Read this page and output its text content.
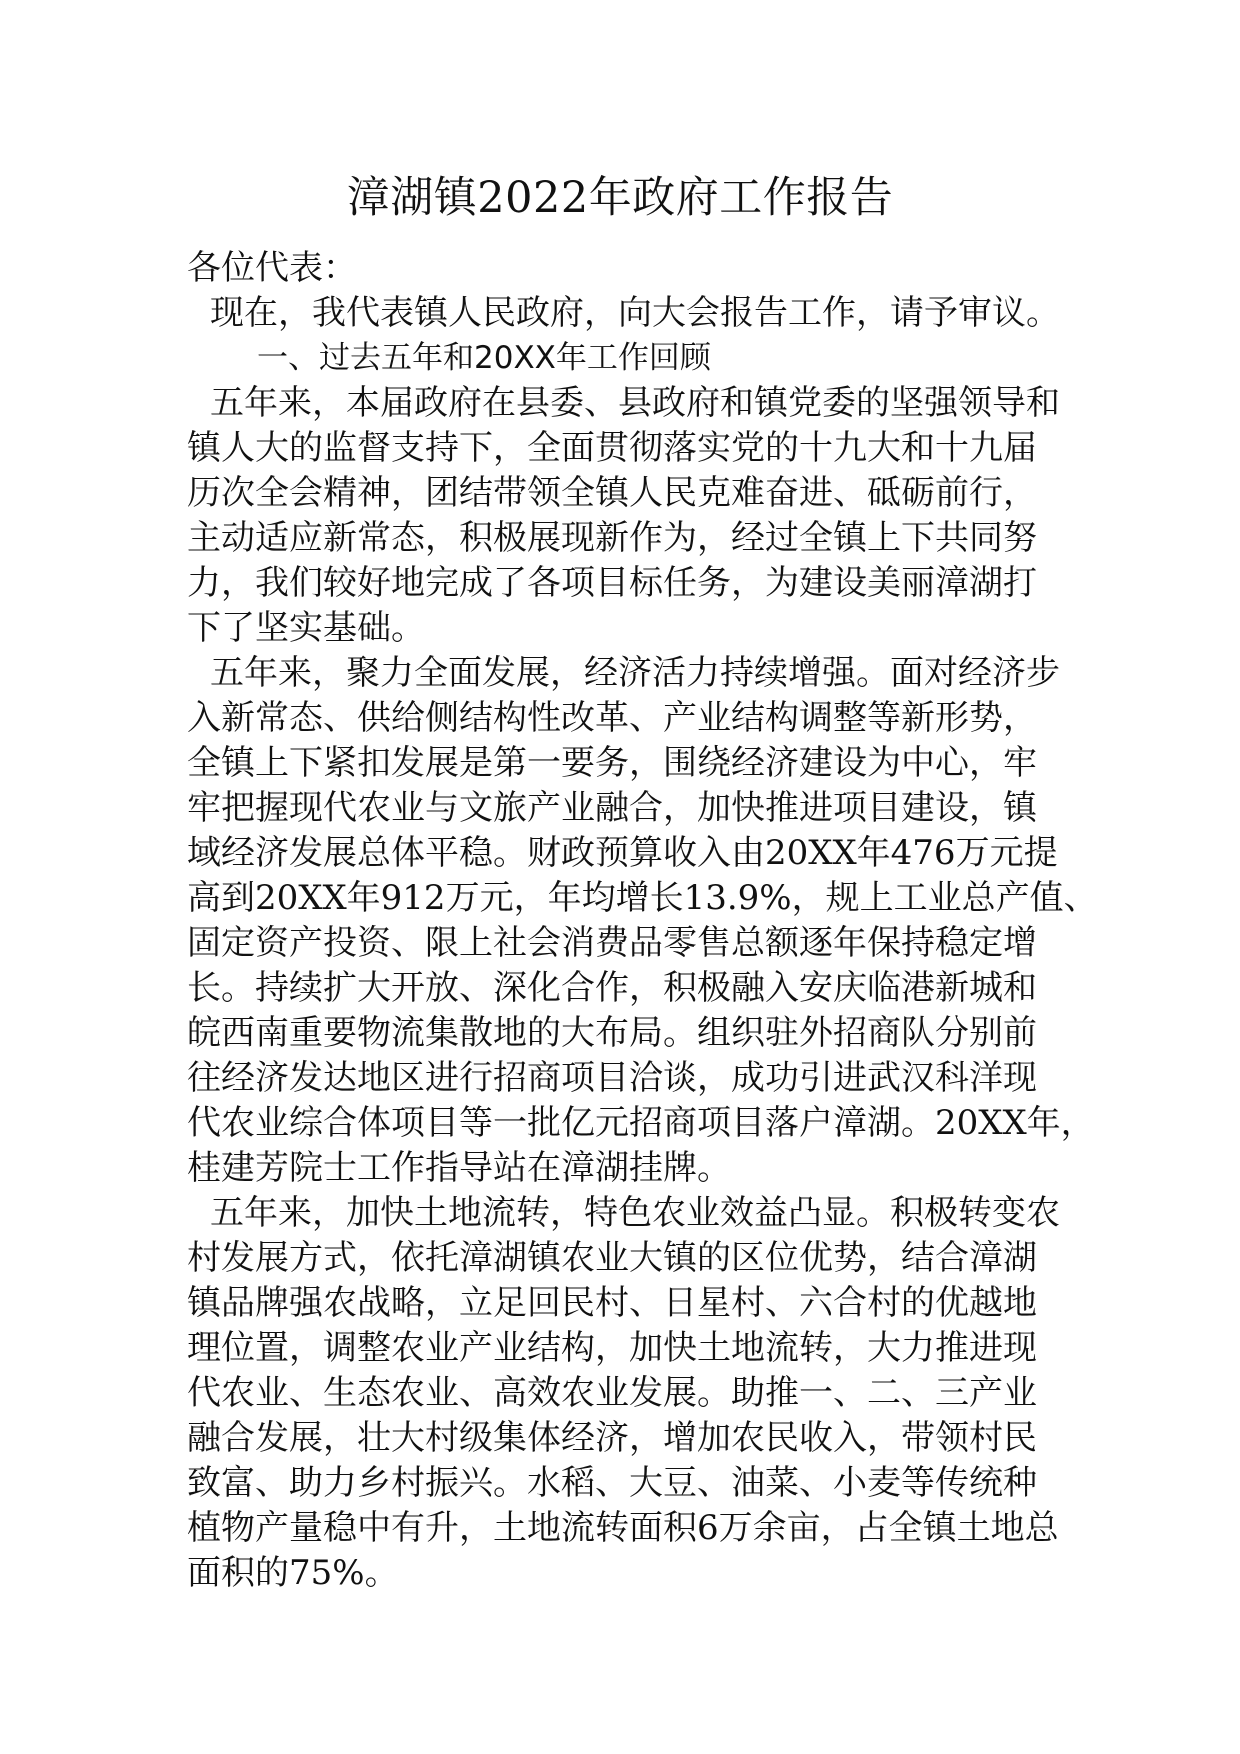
漳湖镇2022年政府工作报告
各位代表：
现在，我代表镇人民政府，向大会报告工作，请予审议。
一、过去五年和20XX年工作回顾
五年来，本届政府在县委、县政府和镇党委的坚强领导和
镇人大的监督支持下，全面贯彻落实党的十九大和十九届
历次全会精神，团结带领全镇人民克难奋进、砥砺前行，
主动适应新常态，积极展现新作为，经过全镇上下共同努
力，我们较好地完成了各项目标任务，为建设美丽漳湖打
下了坚实基础。
五年来，聚力全面发展，经济活力持续增强。面对经济步
入新常态、供给侧结构性改革、产业结构调整等新形势，
全镇上下紧扣发展是第一要务，围绕经济建设为中心，牢
牢把握现代农业与文旅产业融合，加快推进项目建设，镇
域经济发展总体平稳。财政预算收入由20XX年476万元提
高到20XX年912万元，年均增长13.9%，规上工业总产值、
固定资产投资、限上社会消费品零售总额逐年保持稳定增
长。持续扩大开放、深化合作，积极融入安庆临港新城和
皖西南重要物流集散地的大布局。组织驻外招商队分别前
往经济发达地区进行招商项目洽谈，成功引进武汉科洋现
代农业综合体项目等一批亿元招商项目落户漳湖。20XX年，
桂建芳院士工作指导站在漳湖挂牌。
五年来，加快土地流转，特色农业效益凸显。积极转变农
村发展方式，依托漳湖镇农业大镇的区位优势，结合漳湖
镇品牌强农战略，立足回民村、日星村、六合村的优越地
理位置，调整农业产业结构，加快土地流转，大力推进现
代农业、生态农业、高效农业发展。助推一、二、三产业
融合发展，壮大村级集体经济，增加农民收入，带领村民
致富、助力乡村振兴。水稻、大豆、油菜、小麦等传统种
植物产量稳中有升，土地流转面积6万余亩，占全镇土地总
面积的75%。
